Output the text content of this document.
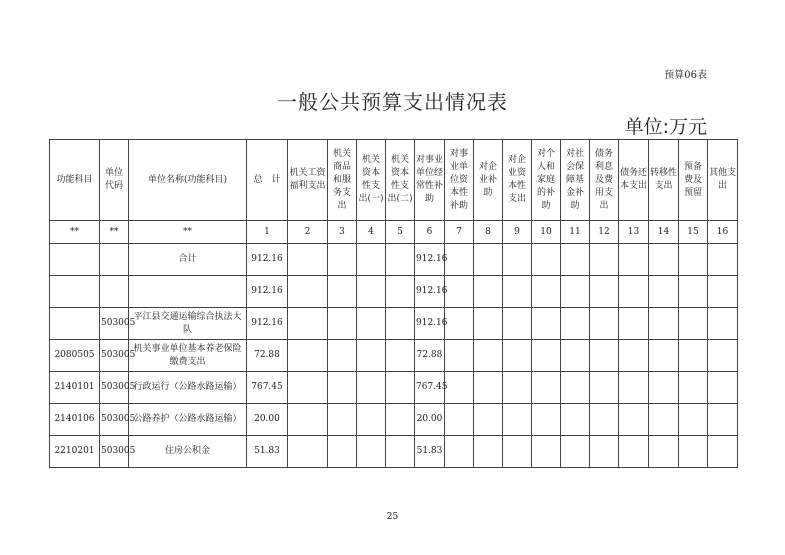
预算06表
一般公共预算支出情况表
单位:万元
功能科目	单位代码	单位名称(功能科目)	总　计	机关工资福利支出	机关商品和服务支出	机关资本性支出(一)	机关资本性支出(二)	对事业单位经常性补助	对事业单位资本性补助	对企业补助	对企业资本性支出	对个人和家庭的补助	对社会保障基金补助	债务利息及费用支出	债务还本支出	转移性支出	预备费及预留	其他支出
**	**	**	1	2	3	4	5	6	7	8	9	10	11	12	13	14	15	16
		合计	912.16					912.16										
			912.16					912.16										
	503005	平江县交通运输综合执法大队	912.16					912.16										
2080505	503005	机关事业单位基本养老保险缴费支出	72.88					72.88										
2140101	503005	行政运行（公路水路运输）	767.45					767.45										
2140106	503005	公路养护（公路水路运输）	20.00					20.00										
2210201	503005	住房公积金	51.83					51.83										
25
